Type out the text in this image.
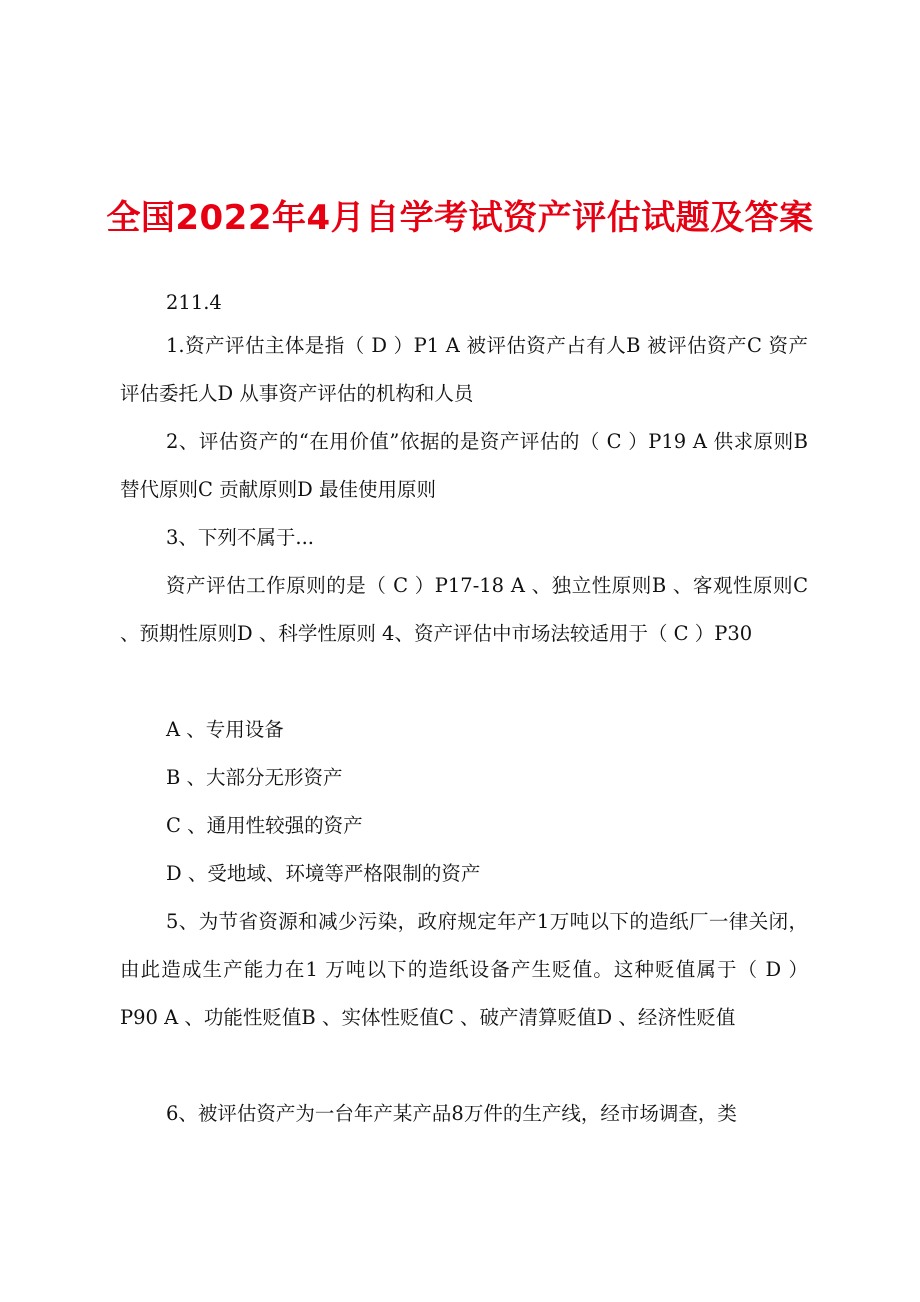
全国2022年4月自学考试资产评估试题及答案

211.4

1.资产评估主体是指（ D ）P1 A 被评估资产占有人B 被评估资产C 资产评估委托人D 从事资产评估的机构和人员

2、评估资产的“在用价值”依据的是资产评估的（ C ）P19 A 供求原则B 替代原则C 贡献原则D 最佳使用原则

3、下列不属于...

资产评估工作原则的是（ C ）P17-18 A 、独立性原则B 、客观性原则C 、预期性原则D 、科学性原则 4、资产评估中市场法较适用于（ C ）P30

A 、专用设备

B 、大部分无形资产

C 、通用性较强的资产

D 、受地域、环境等严格限制的资产

5、为节省资源和减少污染，政府规定年产1万吨以下的造纸厂一律关闭，由此造成生产能力在1 万吨以下的造纸设备产生贬值。这种贬值属于（ D ）P90 A 、功能性贬值B 、实体性贬值C 、破产清算贬值D 、经济性贬值

6、被评估资产为一台年产某产品8万件的生产线，经市场调查，类
